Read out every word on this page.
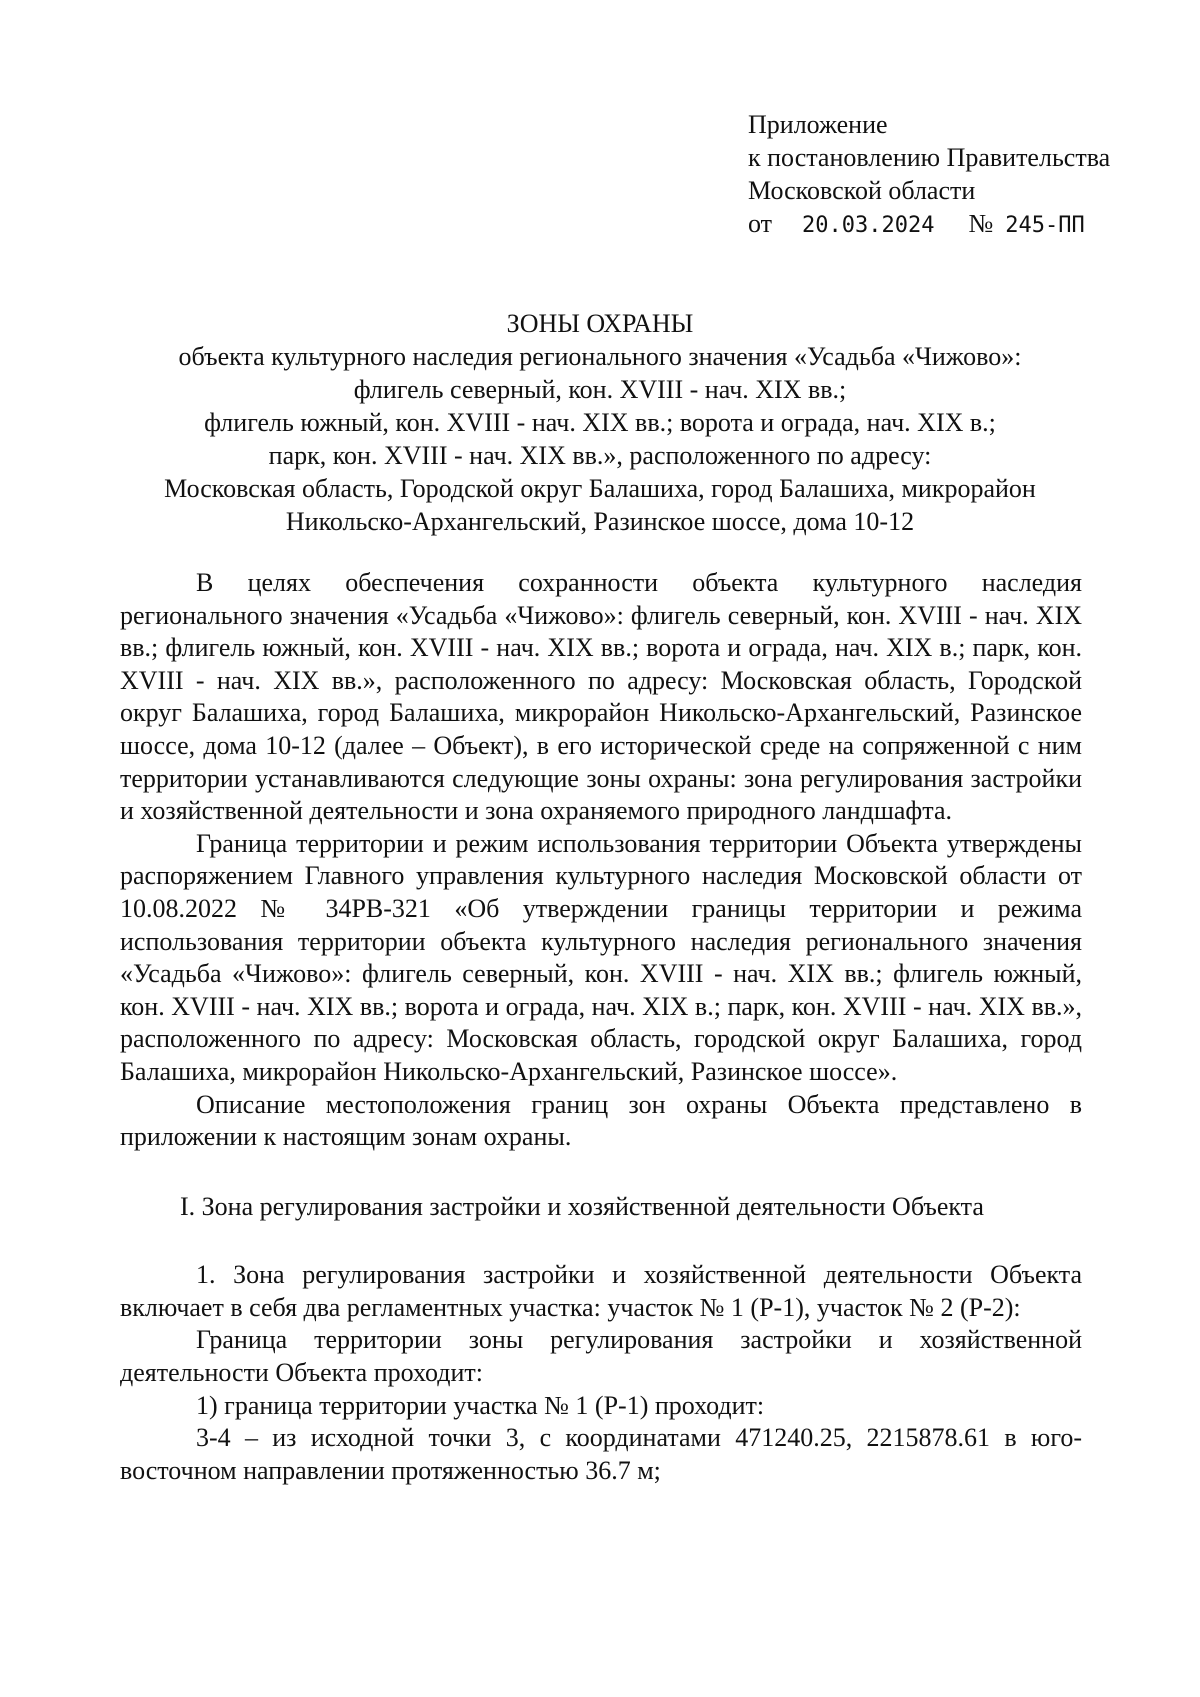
Приложение
к постановлению Правительства
Московской области
от 20.03.2024 № 245-ПП
ЗОНЫ ОХРАНЫ
объекта культурного наследия регионального значения «Усадьба «Чижово»:
флигель северный, кон. XVIII - нач. XIX вв.;
флигель южный, кон. XVIII - нач. XIX вв.; ворота и ограда, нач. XIX в.;
парк, кон. XVIII - нач. XIX вв.», расположенного по адресу:
Московская область, Городской округ Балашиха, город Балашиха, микрорайон
Никольско-Архангельский, Разинское шоссе, дома 10-12

В целях обеспечения сохранности объекта культурного наследия регионального значения «Усадьба «Чижово»: флигель северный, кон. XVIII - нач. XIX вв.; флигель южный, кон. XVIII - нач. XIX вв.; ворота и ограда, нач. XIX в.; парк, кон. XVIII - нач. XIX вв.», расположенного по адресу: Московская область, Городской округ Балашиха, город Балашиха, микрорайон Никольско-Архангельский, Разинское шоссе, дома 10-12 (далее – Объект), в его исторической среде на сопряженной с ним территории устанавливаются следующие зоны охраны: зона регулирования застройки и хозяйственной деятельности и зона охраняемого природного ландшафта.

Граница территории и режим использования территории Объекта утверждены распоряжением Главного управления культурного наследия Московской области от 10.08.2022 № 34РВ-321 «Об утверждении границы территории и режима использования территории объекта культурного наследия регионального значения «Усадьба «Чижово»: флигель северный, кон. XVIII - нач. XIX вв.; флигель южный, кон. XVIII - нач. XIX вв.; ворота и ограда, нач. XIX в.; парк, кон. XVIII - нач. XIX вв.», расположенного по адресу: Московская область, городской округ Балашиха, город Балашиха, микрорайон Никольско-Архангельский, Разинское шоссе».

Описание местоположения границ зон охраны Объекта представлено в приложении к настоящим зонам охраны.

I. Зона регулирования застройки и хозяйственной деятельности Объекта

1. Зона регулирования застройки и хозяйственной деятельности Объекта включает в себя два регламентных участка: участок № 1 (Р-1), участок № 2 (Р-2):

Граница территории зоны регулирования застройки и хозяйственной деятельности Объекта проходит:

1) граница территории участка № 1 (Р-1) проходит:

3-4 – из исходной точки 3, с координатами 471240.25, 2215878.61 в юго-восточном направлении протяженностью 36.7 м;
